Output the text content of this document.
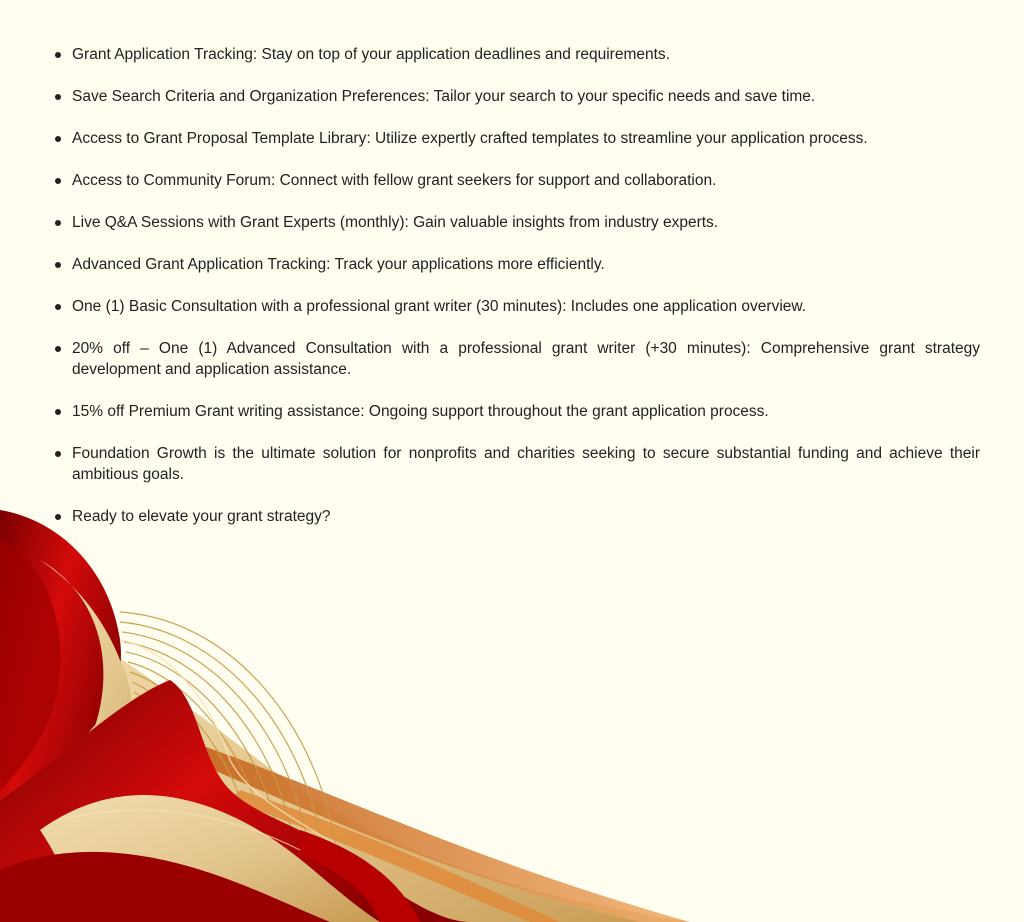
Grant Application Tracking: Stay on top of your application deadlines and requirements.
Save Search Criteria and Organization Preferences: Tailor your search to your specific needs and save time.
Access to Grant Proposal Template Library: Utilize expertly crafted templates to streamline your application process.
Access to Community Forum: Connect with fellow grant seekers for support and collaboration.
Live Q&A Sessions with Grant Experts (monthly): Gain valuable insights from industry experts.
Advanced Grant Application Tracking: Track your applications more efficiently.
One (1) Basic Consultation with a professional grant writer (30 minutes): Includes one application overview.
20% off – One (1) Advanced Consultation with a professional grant writer (+30 minutes): Comprehensive grant strategy development and application assistance.
15% off Premium Grant writing assistance: Ongoing support throughout the grant application process.
Foundation Growth is the ultimate solution for nonprofits and charities seeking to secure substantial funding and achieve their ambitious goals.
Ready to elevate your grant strategy?
